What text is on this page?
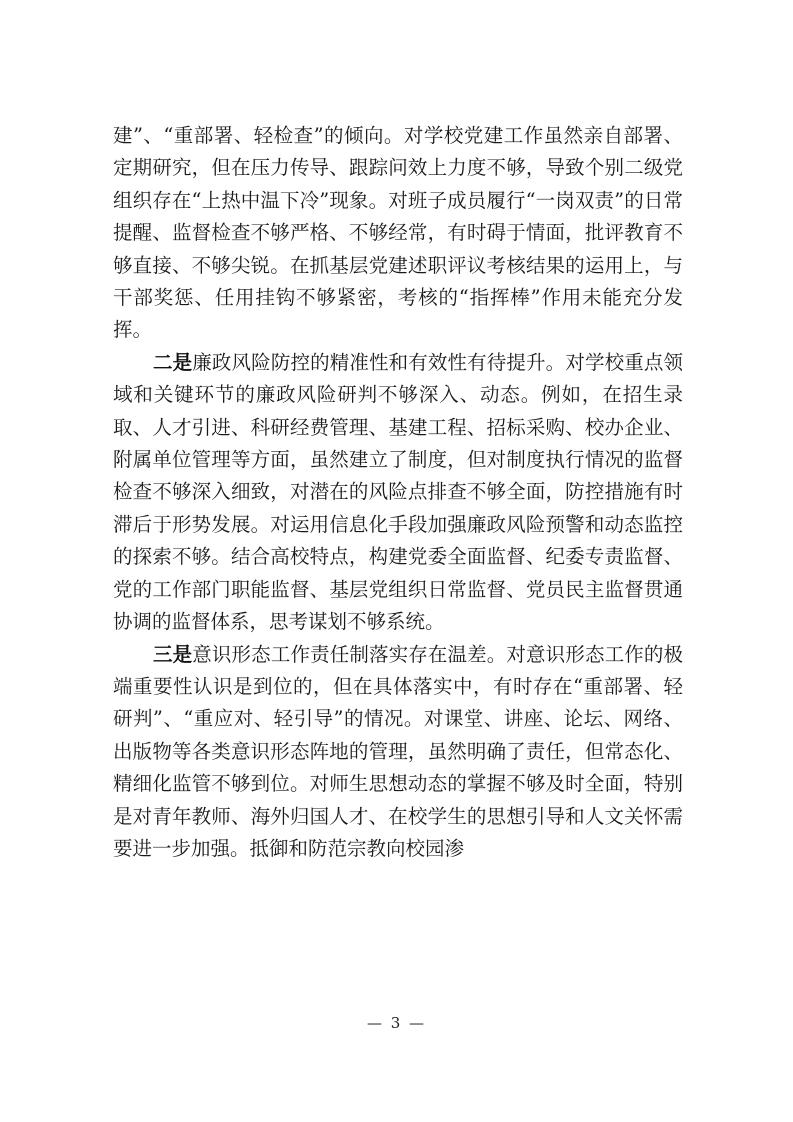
建”、“重部署、轻检查”的倾向。对学校党建工作虽然亲自部署、定期研究，但在压力传导、跟踪问效上力度不够，导致个别二级党组织存在“上热中温下冷”现象。对班子成员履行“一岗双责”的日常提醒、监督检查不够严格、不够经常，有时碍于情面，批评教育不够直接、不够尖锐。在抓基层党建述职评议考核结果的运用上，与干部奖惩、任用挂钩不够紧密，考核的“指挥棒”作用未能充分发挥。

二是廉政风险防控的精准性和有效性有待提升。对学校重点领域和关键环节的廉政风险研判不够深入、动态。例如，在招生录取、人才引进、科研经费管理、基建工程、招标采购、校办企业、附属单位管理等方面，虽然建立了制度，但对制度执行情况的监督检查不够深入细致，对潜在的风险点排查不够全面，防控措施有时滞后于形势发展。对运用信息化手段加强廉政风险预警和动态监控的探索不够。结合高校特点，构建党委全面监督、纪委专责监督、党的工作部门职能监督、基层党组织日常监督、党员民主监督贯通协调的监督体系，思考谋划不够系统。

三是意识形态工作责任制落实存在温差。对意识形态工作的极端重要性认识是到位的，但在具体落实中，有时存在“重部署、轻研判”、“重应对、轻引导”的情况。对课堂、讲座、论坛、网络、出版物等各类意识形态阵地的管理，虽然明确了责任，但常态化、精细化监管不够到位。对师生思想动态的掌握不够及时全面，特别是对青年教师、海外归国人才、在校学生的思想引导和人文关怀需要进一步加强。抵御和防范宗教向校园渗

— 3 —
